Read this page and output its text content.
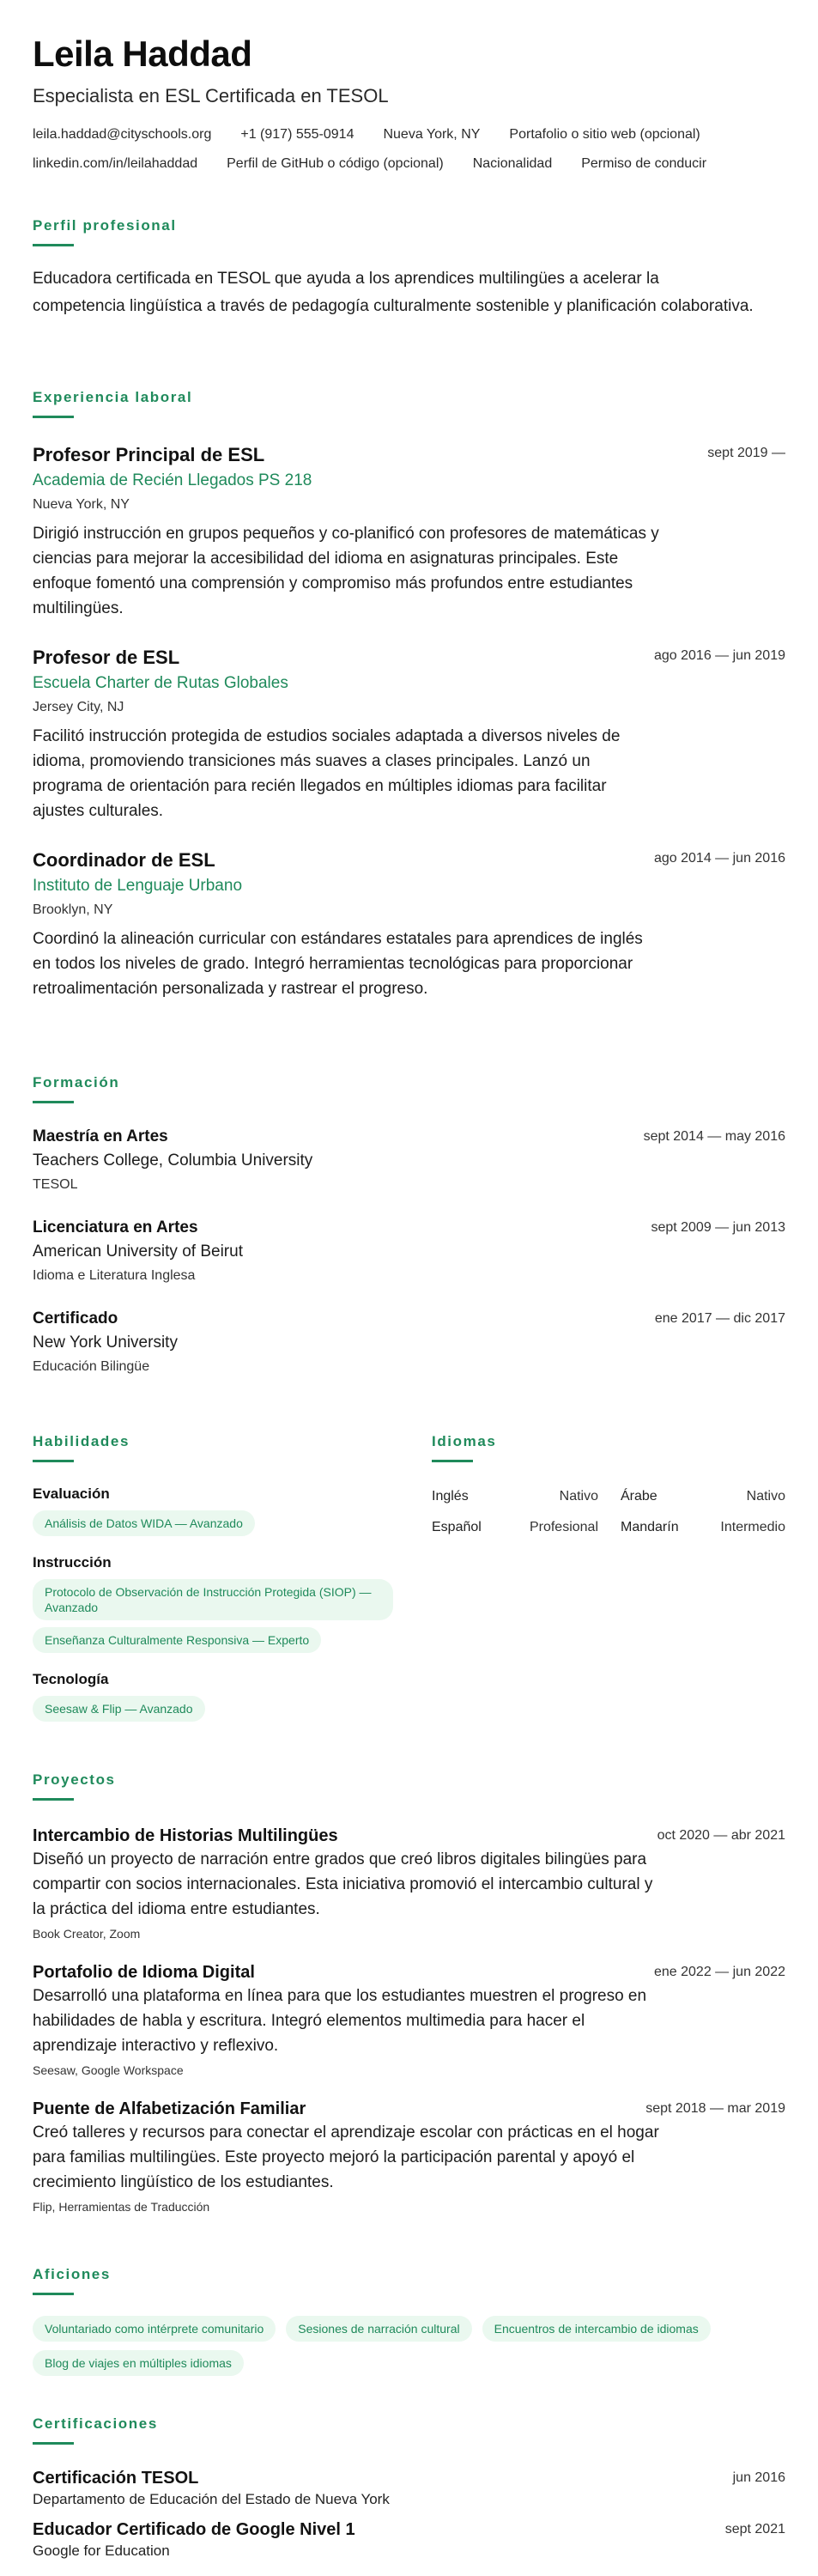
Leila Haddad
Especialista en ESL Certificada en TESOL
leila.haddad@cityschools.org +1 (917) 555-0914 Nueva York, NY Portafolio o sitio web (opcional)
linkedin.com/in/leilahaddad Perfil de GitHub o código (opcional) Nacionalidad Permiso de conducir
Perfil profesional
Educadora certificada en TESOL que ayuda a los aprendices multilingües a acelerar la competencia lingüística a través de pedagogía culturalmente sostenible y planificación colaborativa.
Experiencia laboral
Profesor Principal de ESL	sept 2019 —
Academia de Recién Llegados PS 218
Nueva York, NY
Dirigió instrucción en grupos pequeños y co-planificó con profesores de matemáticas y ciencias para mejorar la accesibilidad del idioma en asignaturas principales. Este enfoque fomentó una comprensión y compromiso más profundos entre estudiantes multilingües.
Profesor de ESL	ago 2016 — jun 2019
Escuela Charter de Rutas Globales
Jersey City, NJ
Facilitó instrucción protegida de estudios sociales adaptada a diversos niveles de idioma, promoviendo transiciones más suaves a clases principales. Lanzó un programa de orientación para recién llegados en múltiples idiomas para facilitar ajustes culturales.
Coordinador de ESL	ago 2014 — jun 2016
Instituto de Lenguaje Urbano
Brooklyn, NY
Coordinó la alineación curricular con estándares estatales para aprendices de inglés en todos los niveles de grado. Integró herramientas tecnológicas para proporcionar retroalimentación personalizada y rastrear el progreso.
Formación
Maestría en Artes	sept 2014 — may 2016
Teachers College, Columbia University
TESOL
Licenciatura en Artes	sept 2009 — jun 2013
American University of Beirut
Idioma e Literatura Inglesa
Certificado	ene 2017 — dic 2017
New York University
Educación Bilingüe
Habilidades
Evaluación
Análisis de Datos WIDA — Avanzado
Instrucción
Protocolo de Observación de Instrucción Protegida (SIOP) — Avanzado
Enseñanza Culturalmente Responsiva — Experto
Tecnología
Seesaw & Flip — Avanzado
Idiomas
Inglés	Nativo Árabe	Nativo
Español	Profesional Mandarín	Intermedio
Proyectos
Intercambio de Historias Multilingües	oct 2020 — abr 2021
Diseñó un proyecto de narración entre grados que creó libros digitales bilingües para compartir con socios internacionales. Esta iniciativa promovió el intercambio cultural y la práctica del idioma entre estudiantes.
Book Creator, Zoom
Portafolio de Idioma Digital	ene 2022 — jun 2022
Desarrolló una plataforma en línea para que los estudiantes muestren el progreso en habilidades de habla y escritura. Integró elementos multimedia para hacer el aprendizaje interactivo y reflexivo.
Seesaw, Google Workspace
Puente de Alfabetización Familiar	sept 2018 — mar 2019
Creó talleres y recursos para conectar el aprendizaje escolar con prácticas en el hogar para familias multilingües. Este proyecto mejoró la participación parental y apoyó el crecimiento lingüístico de los estudiantes.
Flip, Herramientas de Traducción
Aficiones
Voluntariado como intérprete comunitario	Sesiones de narración cultural	Encuentros de intercambio de idiomas
Blog de viajes en múltiples idiomas
Certificaciones
Certificación TESOL	jun 2016
Departamento de Educación del Estado de Nueva York
Educador Certificado de Google Nivel 1	sept 2021
Google for Education
